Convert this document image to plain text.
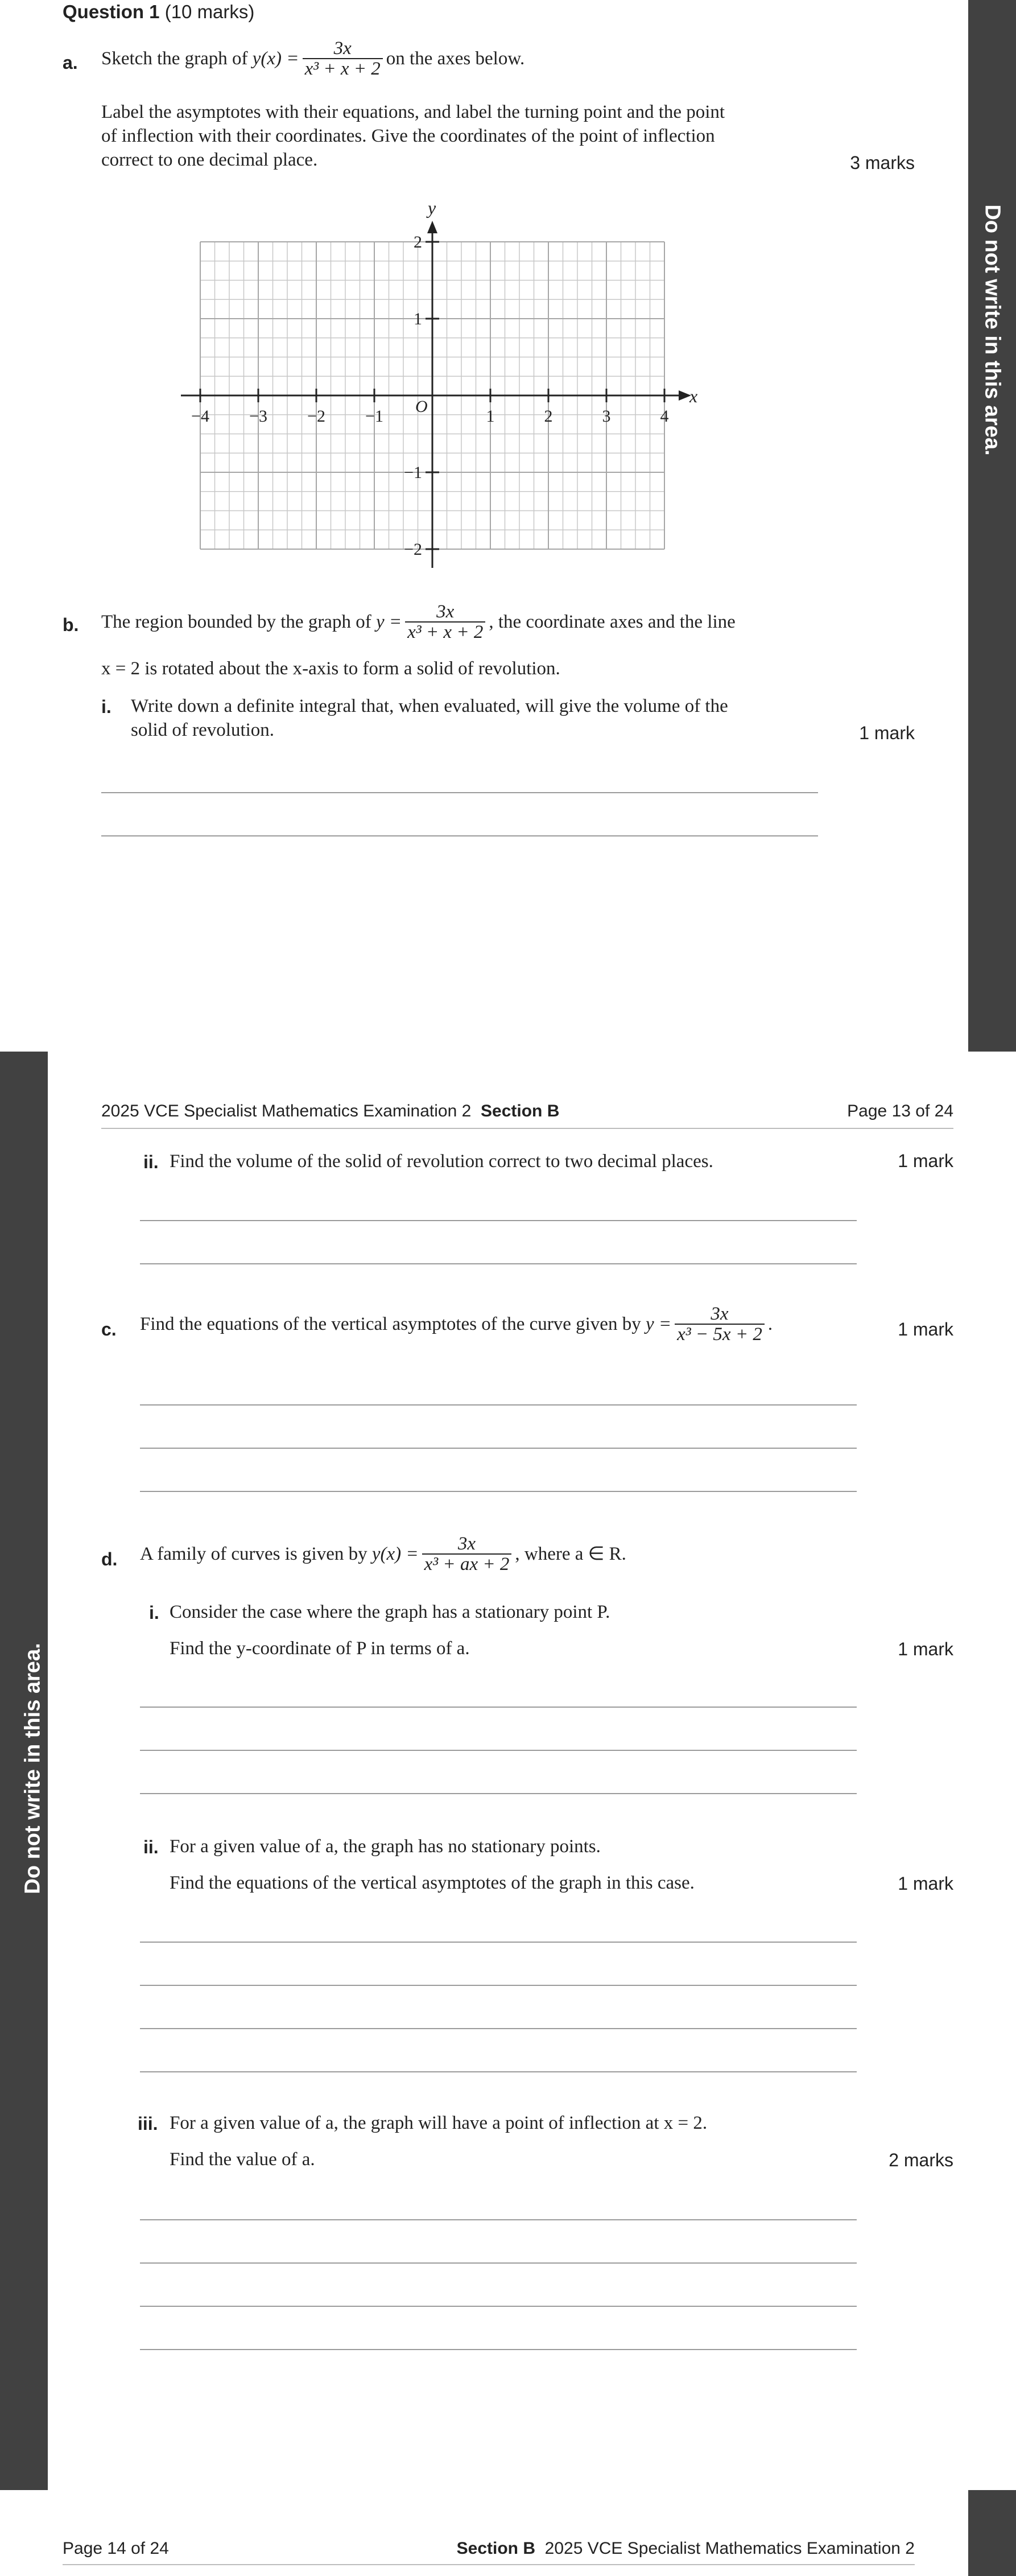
Do not write in this area.
Question 1 (10 marks)
a. Sketch the graph of
$y(x) = \frac{3x}{\text{x³ + x + 2}}$ on the axes below.
Label the asymptotes with their equations, and label the turning point and the point
of inflection with their coordinates. Give the coordinates of the point of inflection
correct to one decimal place.	3 marks
−4 −3 −2 −1	1	2	3	4
2
1
−1
−2
x
y
O
b. The region bounded by the graph of
$y = \frac{3x}{\text{x³ + x + 2}}$ , the coordinate axes and the line
x = 2 is rotated about the x-axis to form a solid of revolution.
i. Write down a definite integral that, when evaluated, will give the volume of the
solid of revolution.	1 mark
Do not write in this area.
2025 VCE Specialist Mathematics Examination 2 Section B	Page 13 of 24
ii. Find the volume of the solid of revolution correct to two decimal places.	1 mark
c. Find the equations of the vertical asymptotes of the curve given by
$y = \frac{3x}{\text{x³ − 5x + 2}}$ .	1 mark
d. A family of curves is given by
$y(x) = \frac{3x}{\text{x³ + ax + 2}}$ , where a ∈ R.
i. Consider the case where the graph has a stationary point P.
Find the y-coordinate of P in terms of a.	1 mark
ii. For a given value of a, the graph has no stationary points.
Find the equations of the vertical asymptotes of the graph in this case.	1 mark
iii. For a given value of a, the graph will have a point of inflection at x = 2.
Find the value of a.	2 marks
Page 14 of 24	Section B 2025 VCE Specialist Mathematics Examination 2
